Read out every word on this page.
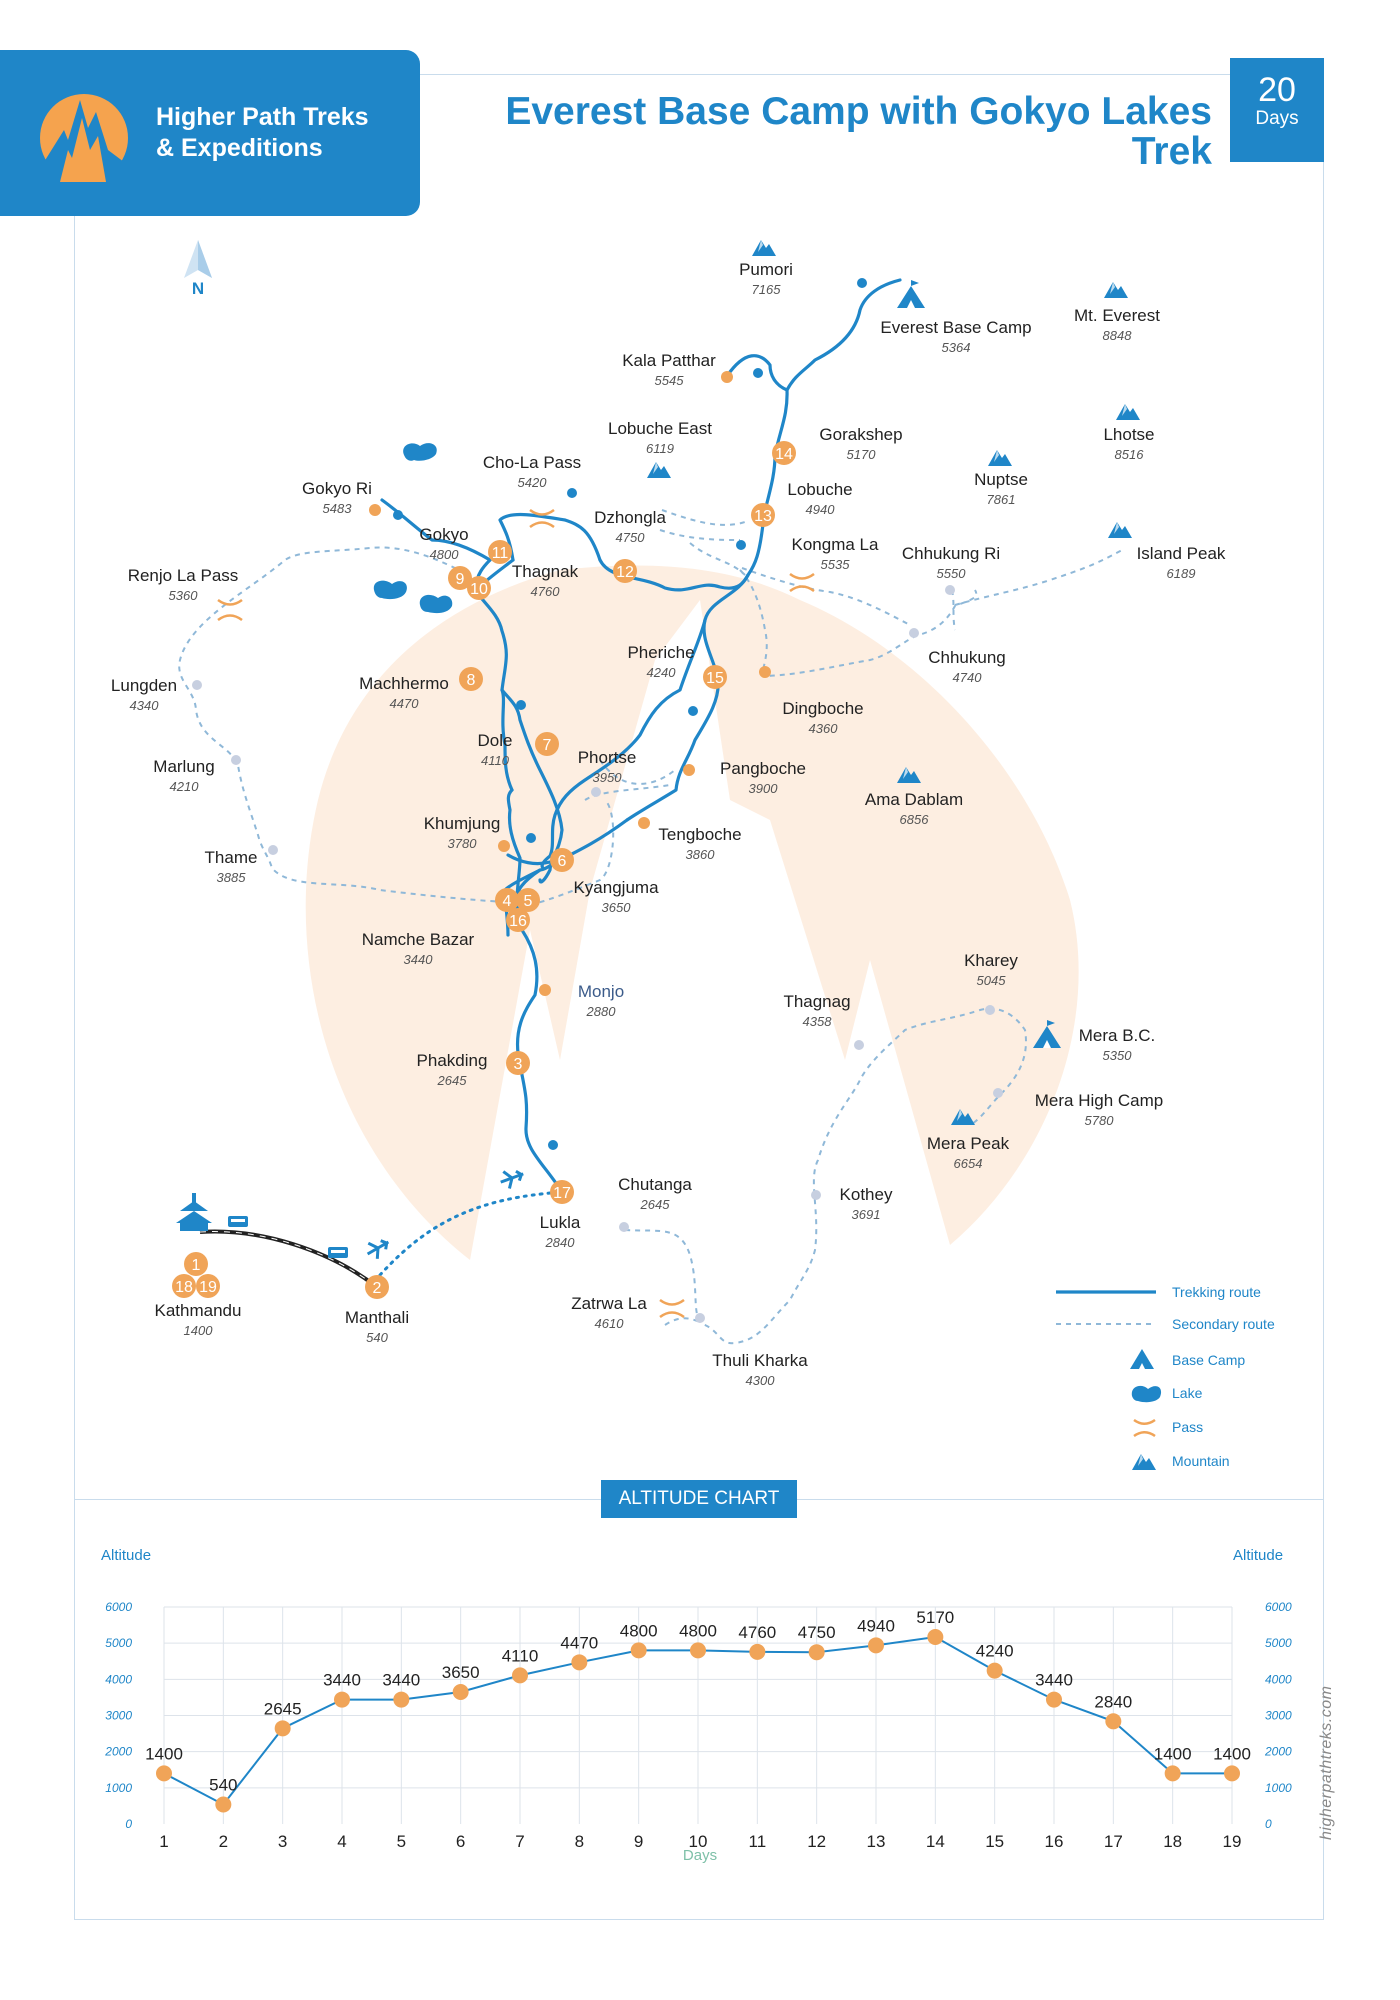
Higher Path Treks
& Expeditions
Everest Base Camp with Gokyo Lakes
Trek
20
Days
N
Pumori
7165
Everest Base Camp
5364
Mt. Everest
8848
Kala Patthar
5545
Lobuche East
6119
Gorakshep
5170
Lhotse
8516
Cho-La Pass
5420
Gokyo Ri
5483
Lobuche
4940
Nuptse
7861
Dzhongla
4750
Gokyo
4800
Kongma La
5535
Chhukung Ri
5550
Island Peak
6189
Renjo La Pass
5360
Thagnak
4760
Pheriche
4240
Chhukung
4740
Lungden
4340
Machhermo
4470	Dingboche
4360
Marlung
4210
Dole
4110	Phortse
3950	Pangboche
3900
Ama Dablam
6856
Khumjung
3780	Tengboche
3860
Thame
3885
Kyangjuma
3650
Namche Bazar
3440	Kharey
5045
Monjo
2880
Thagnag
4358
Mera B.C.
5350
Phakding
2645
Mera High Camp
5780
Mera Peak
6654
Chutanga
2645
Kothey
3691
Lukla
2840
Kathmandu
1400
Manthali
540
Zatrwa La
4610
Thuli Kharka
4300
1
18 19	2
17
3
4 5
16
6
7
8
9
10
11
12
13
14
15
Trekking route
Secondary route
Base Camp
Lake
Pass
Mountain
ALTITUDE CHART
Altitude	Altitude
0	0
1000	1000
2000	2000
3000	3000
4000	4000
5000	5000
6000	6000
1	2	3	4	5	6	7	8	9	10 11 12 13 14 15 16 17 18 19
1400
540
2645
3440 3440 3650
4110
4470
4800 4800 4760 4750 4940 5170
4240
3440
2840
1400 1400
Days
higherpathtreks.com
